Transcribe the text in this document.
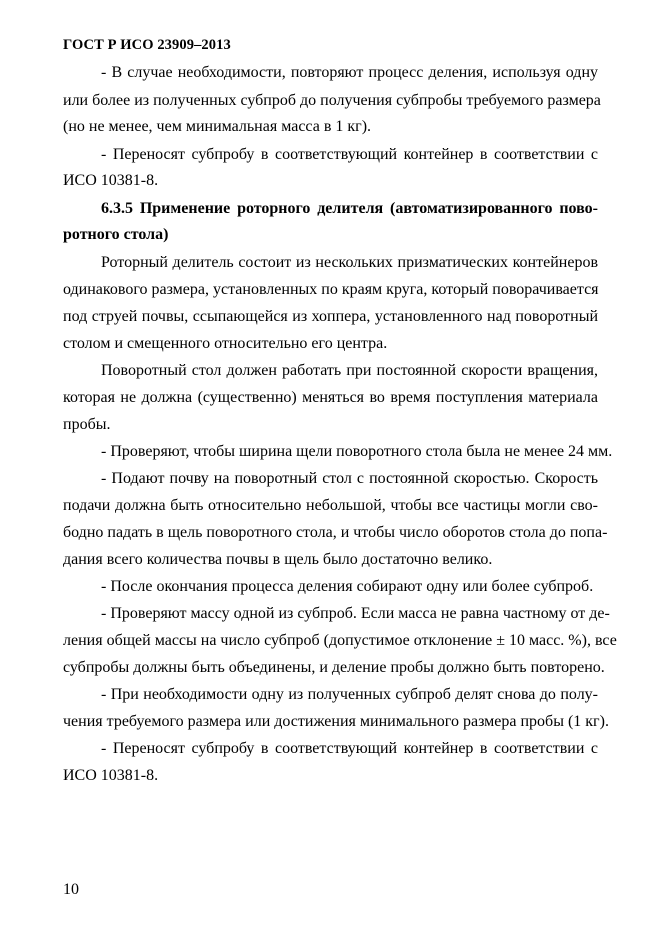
ГОСТ Р ИСО 23909–2013
- В случае необходимости, повторяют процесс деления, используя одну
или более из полученных субпроб до получения субпробы требуемого размера
(но не менее, чем минимальная масса в 1 кг).
- Переносят субпробу в соответствующий контейнер в соответствии с
ИСО 10381-8.
6.3.5 Применение роторного делителя (автоматизированного пово-
ротного стола)
Роторный делитель состоит из нескольких призматических контейнеров
одинакового размера, установленных по краям круга, который поворачивается
под струей почвы, ссыпающейся из хоппера, установленного над поворотный
столом и смещенного относительно его центра.
Поворотный стол должен работать при постоянной скорости вращения,
которая не должна (существенно) меняться во время поступления материала
пробы.
- Проверяют, чтобы ширина щели поворотного стола была не менее 24 мм.
- Подают почву на поворотный стол с постоянной скоростью. Скорость
подачи должна быть относительно небольшой, чтобы все частицы могли сво-
бодно падать в щель поворотного стола, и чтобы число оборотов стола до попа-
дания всего количества почвы в щель было достаточно велико.
- После окончания процесса деления собирают одну или более субпроб.
- Проверяют массу одной из субпроб. Если масса не равна частному от де-
ления общей массы на число субпроб (допустимое отклонение ± 10 масс. %), все
субпробы должны быть объединены, и деление пробы должно быть повторено.
- При необходимости одну из полученных субпроб делят снова до полу-
чения требуемого размера или достижения минимального размера пробы (1 кг).
- Переносят субпробу в соответствующий контейнер в соответствии с
ИСО 10381-8.
10
